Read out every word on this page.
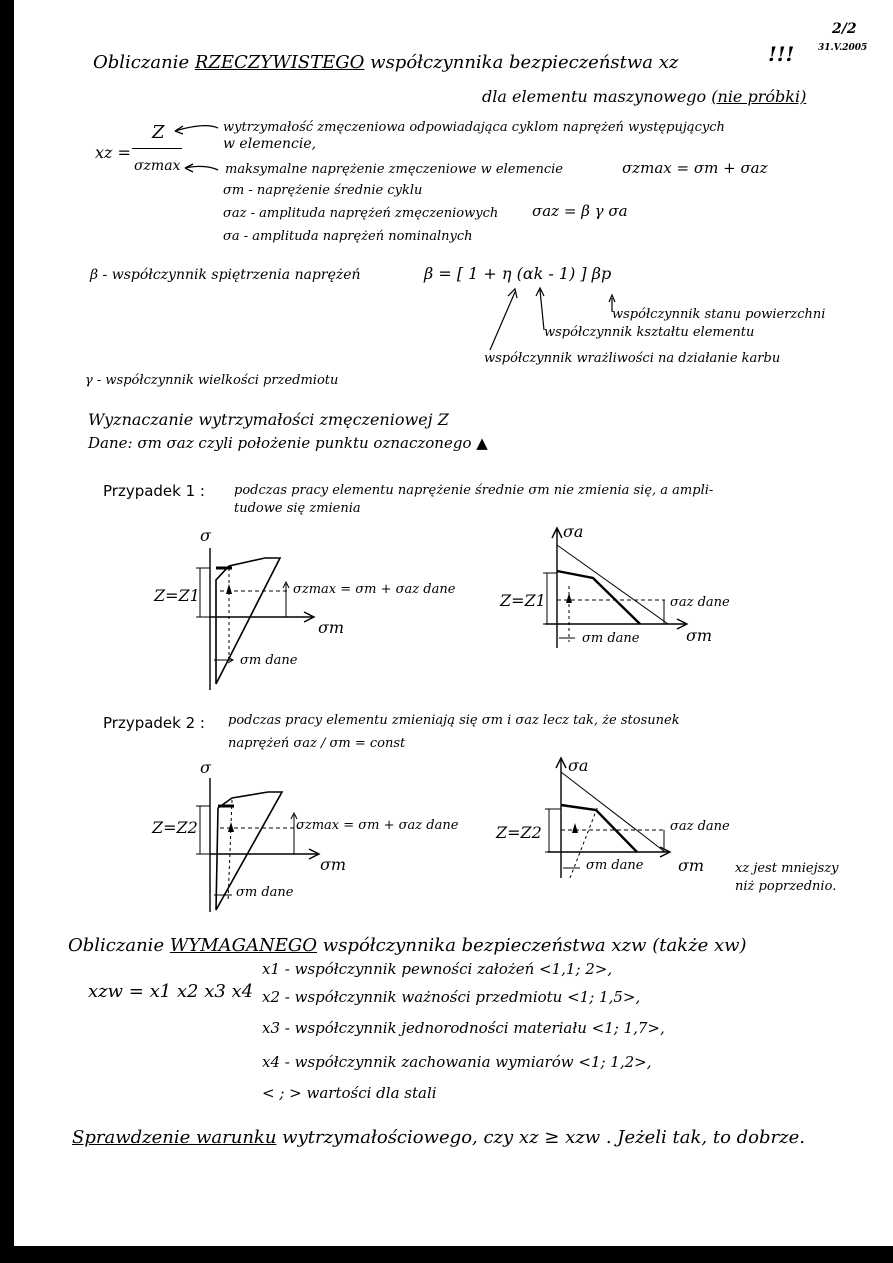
2/2
!!!	31.V.2005
Obliczanie RZECZYWISTEGO współczynnika bezpieczeństwa xz
dla elementu maszynowego (nie próbki)
xz =
Z
σzmax
wytrzymałość zmęczeniowa odpowiadająca cyklom naprężeń występujących
w elemencie,
maksymalne naprężenie zmęczeniowe w elemencie	σzmax = σm + σaz
σm - naprężenie średnie cyklu
σaz - amplituda naprężeń zmęczeniowych σaz = β γ σa
σa - amplituda naprężeń nominalnych
β - współczynnik spiętrzenia naprężeń	β = [ 1 + η (αk - 1) ] βp
współczynnik stanu powierzchni
współczynnik kształtu elementu
współczynnik wrażliwości na działanie karbu
γ - współczynnik wielkości przedmiotu
Wyznaczanie wytrzymałości zmęczeniowej Z
Dane: σm σaz czyli położenie punktu oznaczonego ▲
Przypadek 1 : podczas pracy elementu naprężenie średnie σm nie zmienia się, a ampli-
tudowe się zmienia
σ
Z=Z1	σzmax = σm + σaz dane
σm
σm dane
σa
Z=Z1	σaz dane
σm
σm dane
Przypadek 2 : podczas pracy elementu zmieniają się σm i σaz lecz tak, że stosunek
naprężeń σaz / σm = const
σ
Z=Z2	σzmax = σm + σaz dane
σm
σm dane
σa
Z=Z2	σaz dane
σm
σm dane	xz jest mniejszy
niż poprzednio.
Obliczanie WYMAGANEGO współczynnika bezpieczeństwa xzw (także xw)
xzw = x1 x2 x3 x4
x1 - współczynnik pewności założeń <1,1; 2>,
x2 - współczynnik ważności przedmiotu <1; 1,5>,
x3 - współczynnik jednorodności materiału <1; 1,7>,
x4 - współczynnik zachowania wymiarów <1; 1,2>,
< ; > wartości dla stali
Sprawdzenie warunku wytrzymałościowego, czy xz ≥ xzw . Jeżeli tak, to dobrze.
